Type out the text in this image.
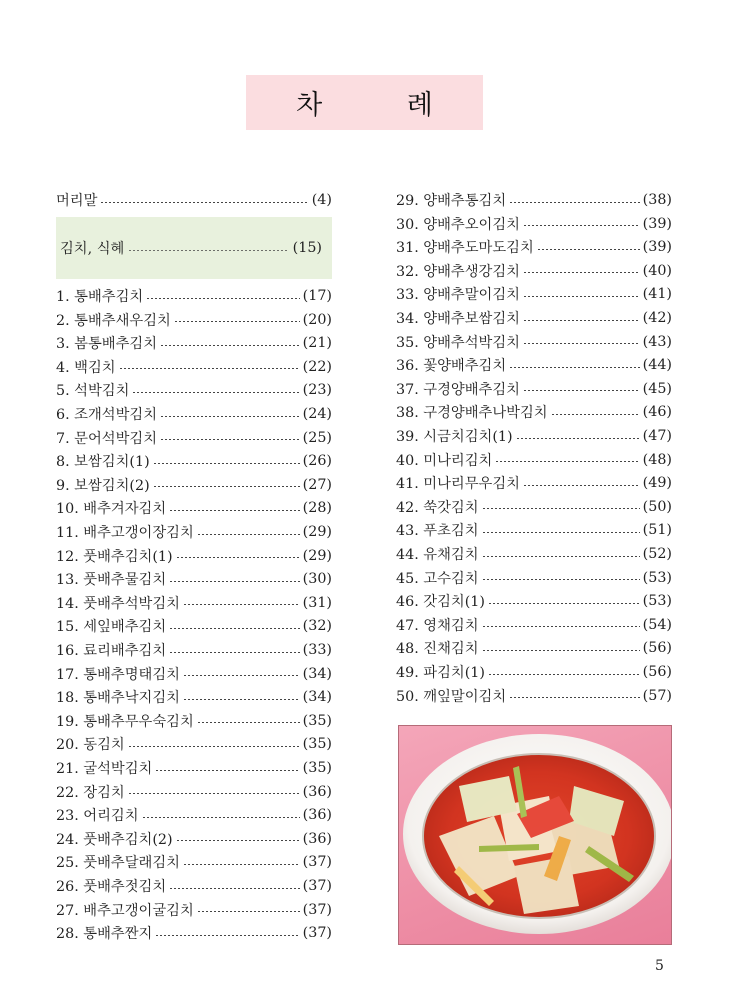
차 례
머리말	(4)
김치, 식혜	(15)
1. 통배추김치	(17)
2. 통배추새우김치	(20)
3. 봄통배추김치	(21)
4. 백김치	(22)
5. 석박김치	(23)
6. 조개석박김치	(24)
7. 문어석박김치	(25)
8. 보쌈김치(1)	(26)
9. 보쌈김치(2)	(27)
10. 배추겨자김치	(28)
11. 배추고갱이장김치	(29)
12. 풋배추김치(1)	(29)
13. 풋배추물김치	(30)
14. 풋배추석박김치	(31)
15. 세잎배추김치	(32)
16. 료리배추김치	(33)
17. 통배추명태김치	(34)
18. 통배추낙지김치	(34)
19. 통배추무우숙김치	(35)
20. 동김치	(35)
21. 굴석박김치	(35)
22. 장김치	(36)
23. 어리김치	(36)
24. 풋배추김치(2)	(36)
25. 풋배추달래김치	(37)
26. 풋배추젓김치	(37)
27. 배추고갱이굴김치	(37)
28. 통배추짠지	(37)
29. 양배추통김치	(38)
30. 양배추오이김치	(39)
31. 양배추도마도김치	(39)
32. 양배추생강김치	(40)
33. 양배추말이김치	(41)
34. 양배추보쌈김치	(42)
35. 양배추석박김치	(43)
36. 꽃양배추김치	(44)
37. 구경양배추김치	(45)
38. 구경양배추나박김치	(46)
39. 시금치김치(1)	(47)
40. 미나리김치	(48)
41. 미나리무우김치	(49)
42. 쑥갓김치	(50)
43. 푸초김치	(51)
44. 유채김치	(52)
45. 고수김치	(53)
46. 갓김치(1)	(53)
47. 영채김치	(54)
48. 진채김치	(56)
49. 파김치(1)	(56)
50. 깨잎말이김치	(57)
5
